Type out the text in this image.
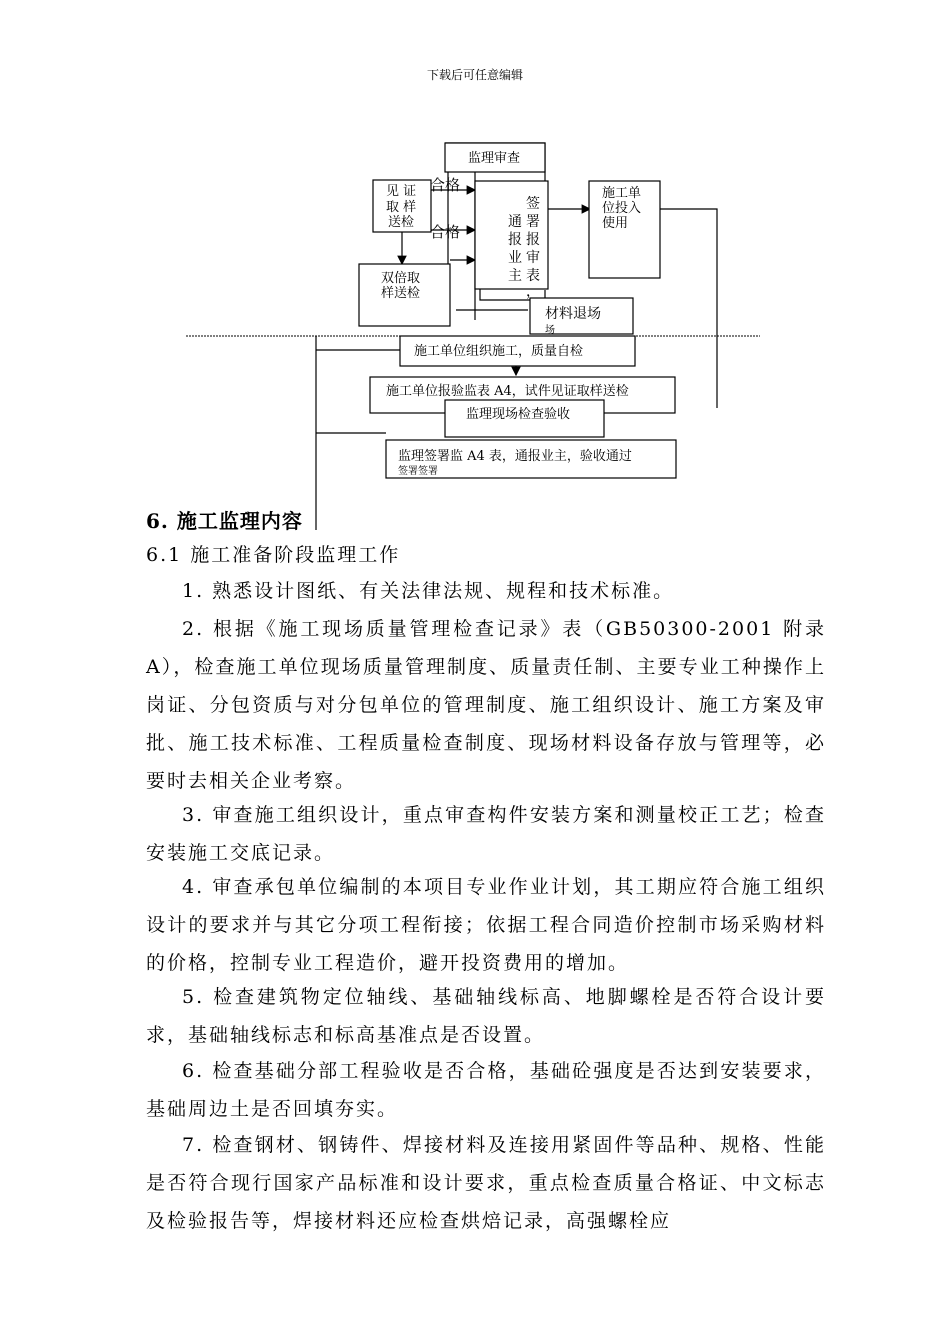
下载后可任意编辑
监理审查
合格
见 证
取 样
送检
合格
通
报
业
主
签
署
报
审
表
，
施工单
位投入
使用
双倍取
样送检
材料退场
场
施工单位组织施工，质量自检
施工单位报验监表 A4，试件见证取样送检
监理现场检查验收
监理签署监 A4 表，通报业主，验收通过
签署签署
6. 施工监理内容
6.1 施工准备阶段监理工作
1. 熟悉设计图纸、有关法律法规、规程和技术标准。
2. 根据《施工现场质量管理检查记录》表（GB50300-2001 附录 A），检查施工单位现场质量管理制度、质量责任制、主要专业工种操作上岗证、分包资质与对分包单位的管理制度、施工组织设计、施工方案及审批、施工技术标准、工程质量检查制度、现场材料设备存放与管理等，必要时去相关企业考察。
3. 审查施工组织设计，重点审查构件安装方案和测量校正工艺；检查安装施工交底记录。
4. 审查承包单位编制的本项目专业作业计划，其工期应符合施工组织设计的要求并与其它分项工程衔接；依据工程合同造价控制市场采购材料的价格，控制专业工程造价，避开投资费用的增加。
5. 检查建筑物定位轴线、基础轴线标高、地脚螺栓是否符合设计要求，基础轴线标志和标高基准点是否设置。
6. 检查基础分部工程验收是否合格，基础砼强度是否达到安装要求，基础周边土是否回填夯实。
7. 检查钢材、钢铸件、焊接材料及连接用紧固件等品种、规格、性能是否符合现行国家产品标准和设计要求，重点检查质量合格证、中文标志及检验报告等，焊接材料还应检查烘焙记录，高强螺栓应
